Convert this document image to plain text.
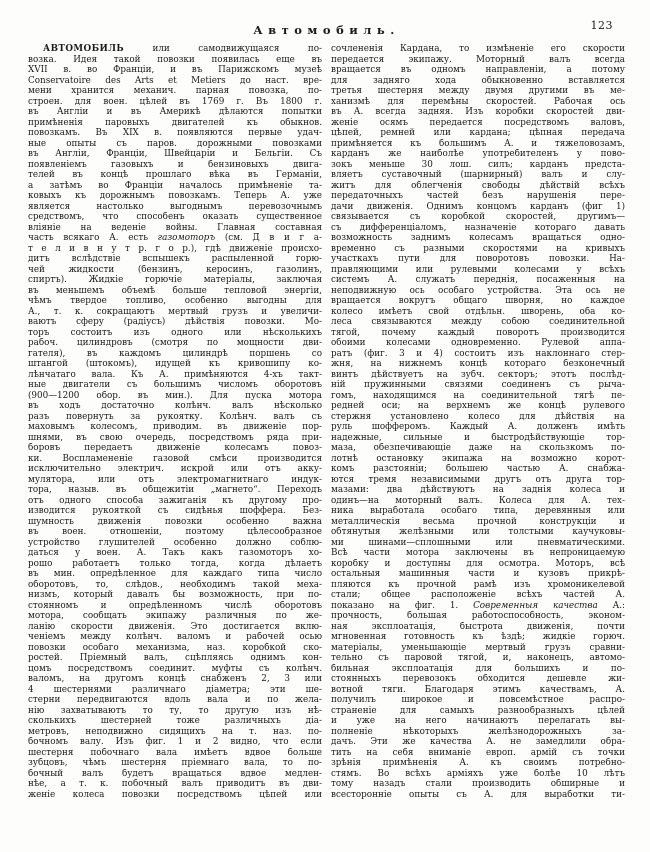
Автомобиль.	123
АВТОМОБИЛЬ или самодвижущаяся по-
возка. Идея такой повозки появилась еще въ
XVII в. во Франціи, и въ Парижскомъ музеѣ
Conservatoire des Arts et Metiers до наст. вре-
мени хранится механич. парная повозка, по-
строен. для воен. цѣлей въ 1769 г. Въ 1800 г.
въ Англіи и въ Америкѣ дѣлаются попытки
примѣненія паровыхъ двигателей къ обыкнов.
повозкамъ. Въ XIX в. появляются первые удач-
ные опыты съ паров. дорожными повозками
въ Англіи, Франціи, Швейцаріи и Бельгіи. Съ
появленіемъ газовыхъ и бензиновыхъ двига-
телей въ концѣ прошлаго вѣка въ Германіи,
а затѣмъ во Франціи началось примѣненіе та-
ковыхъ къ дорожнымъ повозкамъ. Теперь А. уже
является настолько выгоднымъ перевозочнымъ
средствомъ, что способенъ оказать существенное
вліяніе на веденіе войны. Главная составная
часть всякаго А. есть газомоторъ (см. Д в и г а-
т е л и в н у т р. г о р.), гдѣ движеніе происхо-
дитъ вслѣдствіе вспышекъ распыленной горю-
чей жидкости (бензинъ, керосинъ, газолинъ,
спиртъ). Жидкіе горючіе матеріалы, заключая
въ меньшемъ объемѣ больше тепловой энергіи,
чѣмъ твердое топливо, особенно выгодны для
А., т. к. сокращаютъ мертвый грузъ и увеличи-
ваютъ сферу (радіусъ) дѣйствія повозки. Мо-
торъ состоитъ изъ одного или нѣсколькихъ
рабоч. цилиндровъ (смотря по мощности дви-
гателя), въ каждомъ цилиндрѣ поршень со
штангой (штокомъ), идущей къ кривошипу ко-
лѣнчатаго вала. Къ А. примѣняются 4-хъ такт-
ные двигатели съ большимъ числомъ оборотовъ
(900—1200 обор. въ мин.). Для пуска мотора
въ ходъ достаточно колѣнч. валъ нѣсколько
разъ повернуть за рукоятку. Колѣнч. валъ съ
маховымъ колесомъ, приводим. въ движеніе пор-
шнями, въ свою очередь, посредствомъ ряда при-
боровъ передаетъ движеніе колесамъ повоз-
ки. Воспламененіе газовой смѣси производится
исключительно электрич. искрой или отъ акку-
мулятора, или отъ электромагнитнаго индук-
тора, назыв. въ общежитіи „магнето“. Переходъ
отъ одного способа зажиганія къ другому про-
изводится рукояткой съ сидѣнья шоффера. Без-
шумность движенія повозки особенно важна
въ воен. отношеніи, поэтому цѣлесообразное
устройство глушителей особенно должно соблю-
даться у воен. А. Такъ какъ газомоторъ хо-
рошо работаетъ только тогда, когда дѣлаетъ
въ мин. опредѣленное для каждаго типа число
оборотовъ, то, слѣдов., необходимъ такой меха-
низмъ, который давалъ бы возможность, при по-
стоянномъ и опредѣленномъ числѣ оборотовъ
мотора, сообщать экипажу различныя по же-
ланію скорости движенія. Это достигается вклю-
ченіемъ между колѣнч. валомъ и рабочей осью
повозки особаго механизма, наз. коробкой ско-
ростей. Пріемный валъ, сцѣпляясь однимъ кон-
цомъ посредствомъ соединит. муфты съ колѣнч.
валомъ, на другомъ концѣ снабженъ 2, 3 или
4 шестернями различнаго діаметра; эти ше-
стерни передвигаются вдоль вала и по жела-
нію захватываютъ то ту, то другую изъ нѣ-
сколькихъ шестерней тоже различныхъ діа-
метровъ, неподвижно сидящихъ на т. наз. по-
бочномъ валу. Изъ фиг. 1 и 2 видно, что если
шестерня побочнаго вала имѣетъ вдвое больше
зубцовъ, чѣмъ шестерня пріемнаго вала, то по-
бочный валъ будетъ вращаться вдвое медлен-
нѣе, а т. к. побочный валъ приводитъ въ дви-
женіе колеса повозки посредствомъ цѣпей или
сочлененія Кардана, то измѣненіе его скорости
передается экипажу. Моторный валъ всегда
вращается въ одномъ направленіи, а потому
для задняго хода обыкновенно вставляется
третья шестерня между двумя другими въ ме-
ханизмѣ для перемѣны скоростей. Рабочая ось
въ А. всегда задняя. Изъ коробки скоростей дви-
женіе осямъ передается посредствомъ валовъ,
цѣпей, ремней или кардана; цѣпная передача
примѣняется къ большимъ А. и тяжеловозамъ,
карданъ же наиболѣе употребителенъ у пово-
зокъ меньше 30 лош. силъ; карданъ предста-
вляетъ суставочный (шарнирный) валъ и слу-
житъ для облегченія свободы дѣйствій всѣхъ
передаточныхъ частей безъ нарушенія пере-
дачи движенія. Однимъ концомъ карданъ (фиг 1)
связывается съ коробкой скоростей, другимъ—
съ дифференціаломъ, назначеніе котораго давать
возможность заднимъ колесамъ вращаться одно-
временно съ разными скоростями на кривыхъ
участкахъ пути для поворотовъ повозки. На-
правляющими или рулевыми колесами у всѣхъ
системъ А. служатъ переднія, посаженныя на
неподвижную ось особаго устройства. Эта ось не
вращается вокругъ общаго шворня, но каждое
колесо имѣетъ свой отдѣльн. шворень, оба ко-
леса связываются между собою соединительной
тягой, почему каждый поворотъ производится
обоими колесами одновременно. Рулевой аппа-
ратъ (фиг. 3 и 4) состоитъ изъ наклоннаго стер-
жня, на нижнемъ концѣ котораго безконечный
винтъ дѣйствуетъ на зубч. секторъ; этотъ послѣд-
ній пружинными связями соединенъ съ рыча-
гомъ, находящимся на соединительной тягѣ пе-
редней оси; на верхнемъ же концѣ рулевого
стержня установлено колесо для дѣйствія на
руль шофферомъ. Каждый А. долженъ имѣть
надежные, сильные и быстродѣйствующіе тор-
маза, обезпечивающіе даже на скользкомъ по-
лотнѣ остановку экипажа на возможно корот-
комъ разстояніи; большею частью А. снабжа-
ются тремя независимыми другъ отъ друга тор-
мазами: два дѣйствуютъ на заднія колеса и
одинъ—на моторный валъ. Колеса для А. тех-
ника выработала особаго типа, деревянныя или
металлическія весьма прочной конструкціи и
обтянутыя желѣзными или толстыми каучуковы-
ми шинами—сплошными или пневматическими.
Всѣ части мотора заключены въ непроницаемую
коробку и доступны для осмотра. Моторъ, всѣ
остальныя машинныя части и кузовъ прикрѣ-
пляются къ прочной рамѣ изъ хромоникелевой
стали; общее расположеніе всѣхъ частей А.
показано на фиг. 1. Современныя качества А.:
прочность, большая работоспособность, эконом-
ная эксплоатація, быстрота движенія, почти
мгновенная готовность къ ѣздѣ; жидкіе горюч.
матеріалы, уменьшающіе мертвый грузъ сравни-
тельно съ паровой тягой, и, наконецъ, автомо-
бильная эксплоатація для большихъ и по-
стоянныхъ перевозокъ обходится дешевле жи-
вотной тяги. Благодаря этимъ качествамъ, А.
получилъ широкое и повсемѣстное распро-
страненіе для самыхъ разнообразныхъ цѣлей
и уже на него начинаютъ перелагать вы-
полненіе нѣкоторыхъ желѣзнодорожныхъ за-
дачъ. Эти же качества А. не замедлили обра-
тить на себя вниманіе европ. армій съ точки
зрѣнія примѣненія А. къ своимъ потребно-
стямъ. Во всѣхъ арміяхъ уже болѣе 10 лѣтъ
тому назадъ стали производить обширные и
всесторонніе опыты съ А. для выработки ти-
